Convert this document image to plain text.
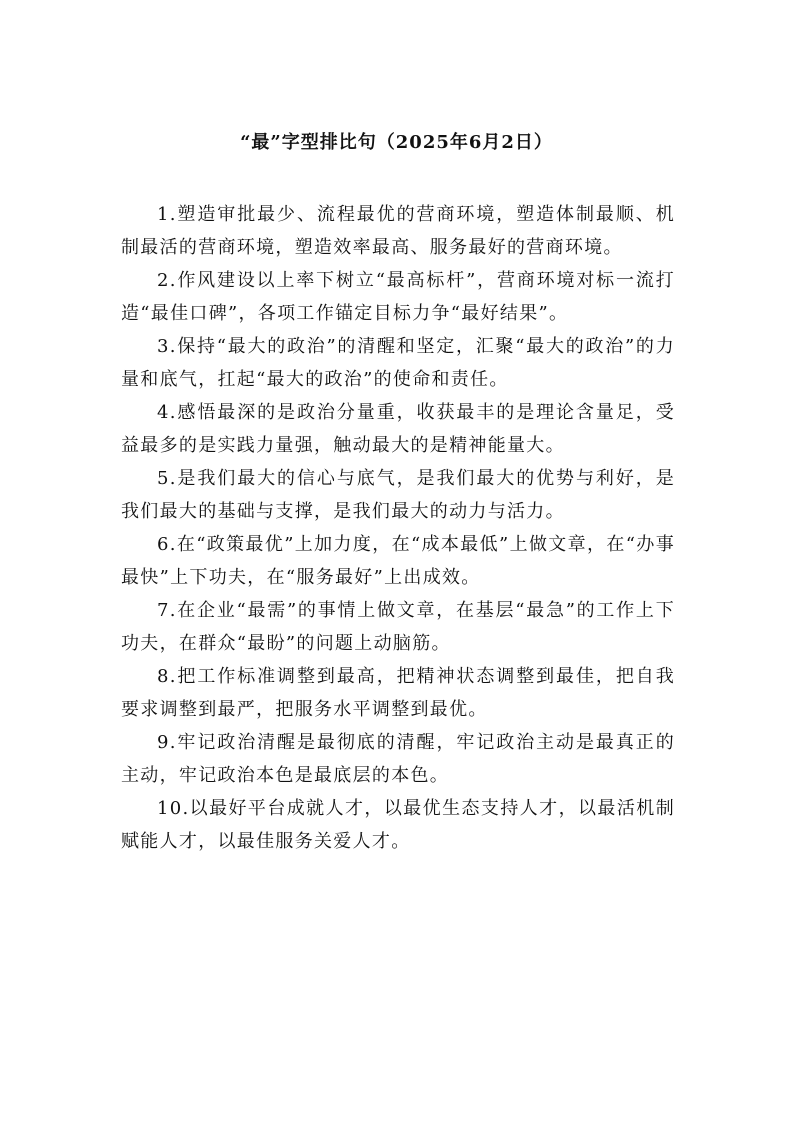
“最”字型排比句（2025年6月2日）

1.塑造审批最少、流程最优的营商环境，塑造体制最顺、机制最活的营商环境，塑造效率最高、服务最好的营商环境。

2.作风建设以上率下树立“最高标杆”，营商环境对标一流打造“最佳口碑”，各项工作锚定目标力争“最好结果”。

3.保持“最大的政治”的清醒和坚定，汇聚“最大的政治”的力量和底气，扛起“最大的政治”的使命和责任。

4.感悟最深的是政治分量重，收获最丰的是理论含量足，受益最多的是实践力量强，触动最大的是精神能量大。

5.是我们最大的信心与底气，是我们最大的优势与利好，是我们最大的基础与支撑，是我们最大的动力与活力。

6.在“政策最优”上加力度，在“成本最低”上做文章，在“办事最快”上下功夫，在“服务最好”上出成效。

7.在企业“最需”的事情上做文章，在基层“最急”的工作上下功夫，在群众“最盼”的问题上动脑筋。

8.把工作标准调整到最高，把精神状态调整到最佳，把自我要求调整到最严，把服务水平调整到最优。

9.牢记政治清醒是最彻底的清醒，牢记政治主动是最真正的主动，牢记政治本色是最底层的本色。

10.以最好平台成就人才，以最优生态支持人才，以最活机制赋能人才，以最佳服务关爱人才。
